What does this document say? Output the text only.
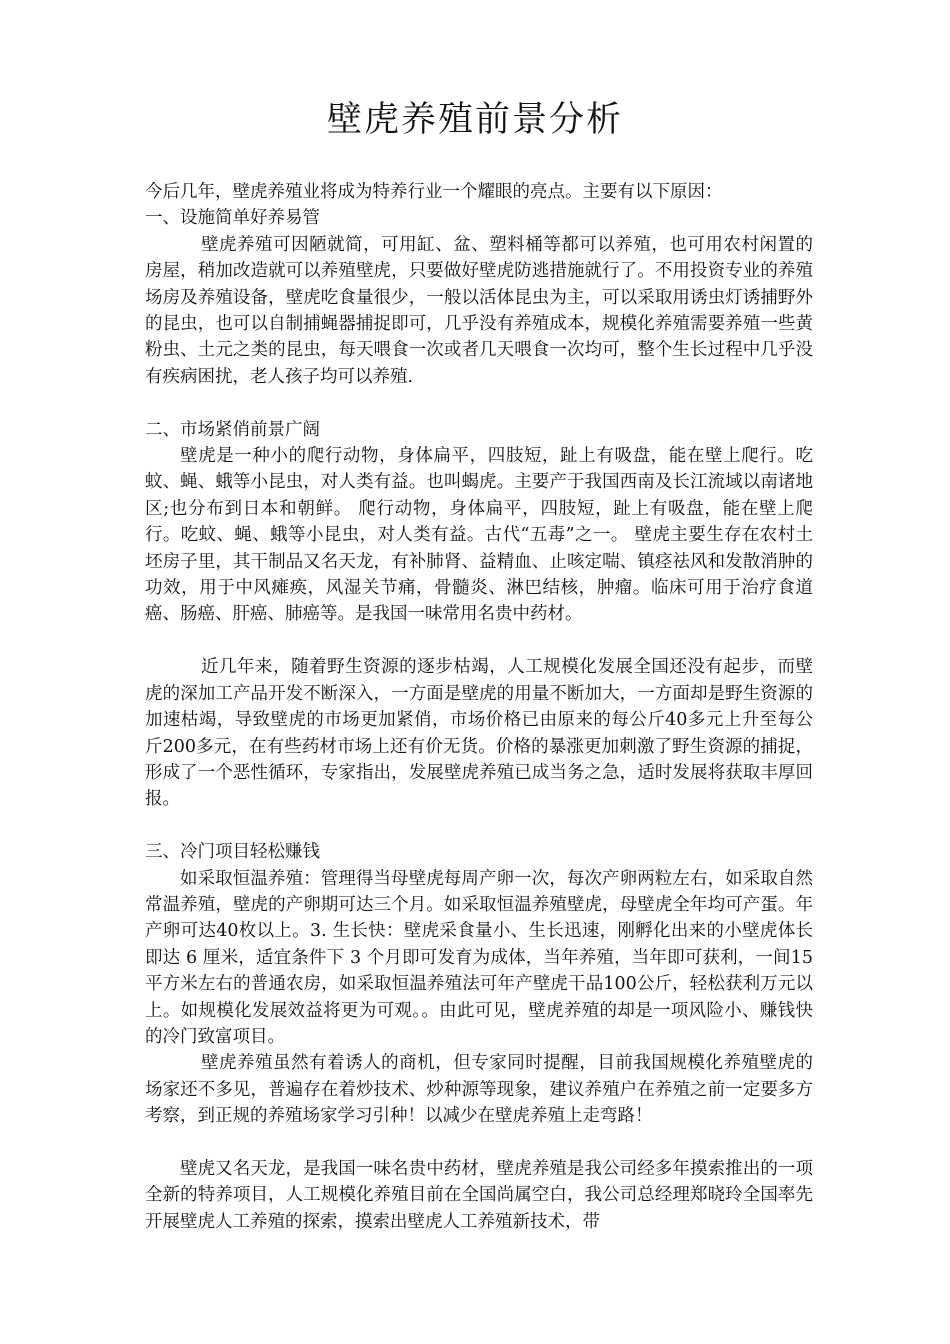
壁虎养殖前景分析

今后几年，壁虎养殖业将成为特养行业一个耀眼的亮点。主要有以下原因：

一、设施简单好养易管

壁虎养殖可因陋就简，可用缸、盆、塑料桶等都可以养殖，也可用农村闲置的房屋，稍加改造就可以养殖壁虎，只要做好壁虎防逃措施就行了。不用投资专业的养殖场房及养殖设备，壁虎吃食量很少，一般以活体昆虫为主，可以采取用诱虫灯诱捕野外的昆虫，也可以自制捕蝇器捕捉即可，几乎没有养殖成本，规模化养殖需要养殖一些黄粉虫、土元之类的昆虫，每天喂食一次或者几天喂食一次均可，整个生长过程中几乎没有疾病困扰，老人孩子均可以养殖.

二、市场紧俏前景广阔

壁虎是一种小的爬行动物，身体扁平，四肢短，趾上有吸盘，能在壁上爬行。吃蚊、蝇、蛾等小昆虫，对人类有益。也叫蝎虎。主要产于我国西南及长江流域以南诸地区;也分布到日本和朝鲜。 爬行动物，身体扁平，四肢短，趾上有吸盘，能在壁上爬行。吃蚊、蝇、蛾等小昆虫，对人类有益。古代“五毒”之一。 壁虎主要生存在农村土坯房子里，其干制品又名天龙，有补肺肾、益精血、止咳定喘、镇痉祛风和发散消肿的功效，用于中风瘫痪，风湿关节痛，骨髓炎、淋巴结核，肿瘤。临床可用于治疗食道癌、肠癌、肝癌、肺癌等。是我国一味常用名贵中药材。

近几年来，随着野生资源的逐步枯竭，人工规模化发展全国还没有起步，而壁虎的深加工产品开发不断深入，一方面是壁虎的用量不断加大，一方面却是野生资源的加速枯竭，导致壁虎的市场更加紧俏，市场价格已由原来的每公斤40多元上升至每公斤200多元，在有些药材市场上还有价无货。价格的暴涨更加刺激了野生资源的捕捉，形成了一个恶性循环，专家指出，发展壁虎养殖已成当务之急，适时发展将获取丰厚回报。

三、冷门项目轻松赚钱

如采取恒温养殖：管理得当母壁虎每周产卵一次，每次产卵两粒左右，如采取自然常温养殖，壁虎的产卵期可达三个月。如采取恒温养殖壁虎，母壁虎全年均可产蛋。年产卵可达40枚以上。3. 生长快：壁虎采食量小、生长迅速，刚孵化出来的小壁虎体长即达 6 厘米，适宜条件下 3 个月即可发育为成体，当年养殖，当年即可获利，一间15平方米左右的普通农房，如采取恒温养殖法可年产壁虎干品100公斤，轻松获利万元以上。如规模化发展效益将更为可观。。由此可见，壁虎养殖的却是一项风险小、赚钱快的冷门致富项目。

壁虎养殖虽然有着诱人的商机，但专家同时提醒，目前我国规模化养殖壁虎的场家还不多见，普遍存在着炒技术、炒种源等现象，建议养殖户在养殖之前一定要多方考察，到正规的养殖场家学习引种！以减少在壁虎养殖上走弯路！

壁虎又名天龙，是我国一味名贵中药材，壁虎养殖是我公司经多年摸索推出的一项全新的特养项目，人工规模化养殖目前在全国尚属空白，我公司总经理郑晓玲全国率先开展壁虎人工养殖的探索，摸索出壁虎人工养殖新技术，带
